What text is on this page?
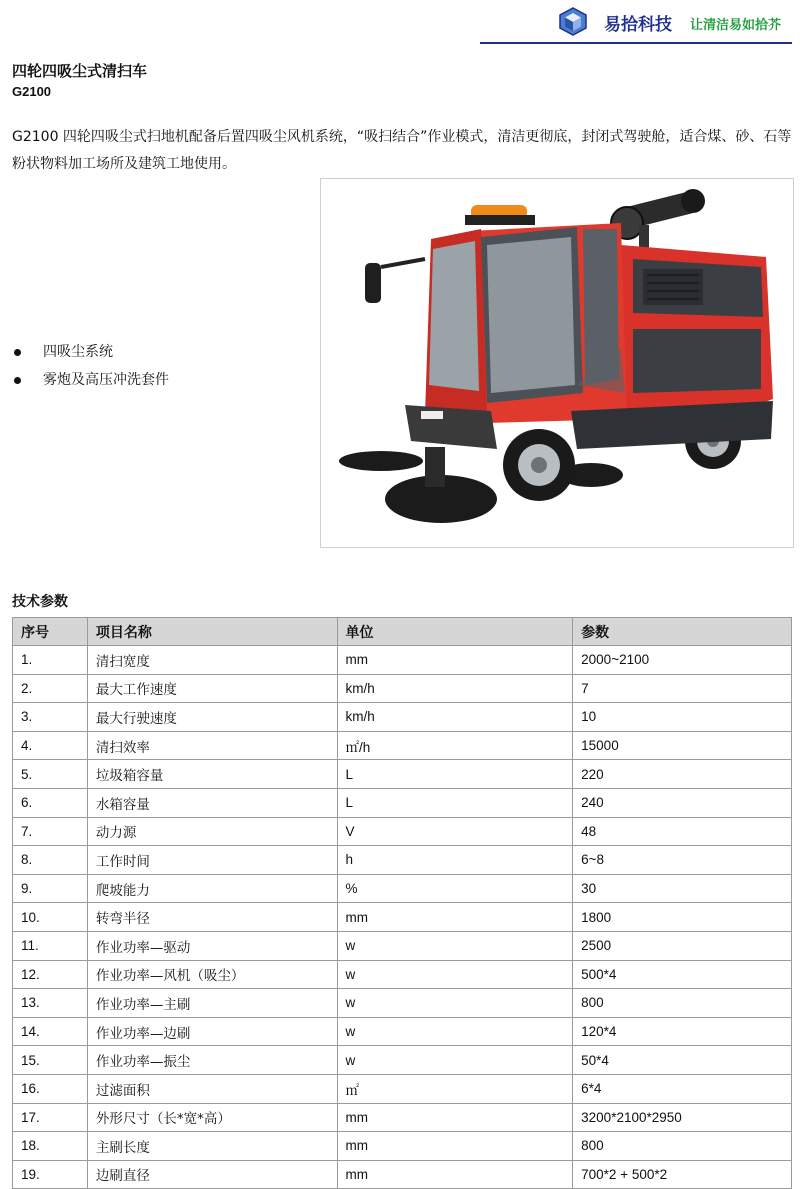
易拾科技 让清洁易如拾芥
四轮四吸尘式清扫车
G2100
G2100 四轮四吸尘式扫地机配备后置四吸尘风机系统，“吸扫结合”作业模式，清洁更彻底，封闭式驾驶舱，适合煤、砂、石等粉状物料加工场所及建筑工地使用。
四吸尘系统
雾炮及高压冲洗套件
技术参数
序号	项目名称	单位	参数
1.	清扫宽度	mm	2000~2100
2.	最大工作速度	km/h	7
3.	最大行驶速度	km/h	10
4.	清扫效率	㎡/h	15000
5.	垃圾箱容量	L	220
6.	水箱容量	L	240
7.	动力源	V	48
8.	工作时间	h	6~8
9.	爬坡能力	%	30
10.	转弯半径	mm	1800
11.	作业功率—驱动	w	2500
12.	作业功率—风机（吸尘）	w	500*4
13.	作业功率—主刷	w	800
14.	作业功率—边刷	w	120*4
15.	作业功率—振尘	w	50*4
16.	过滤面积	㎡	6*4
17.	外形尺寸（长*宽*高）	mm	3200*2100*2950
18.	主刷长度	mm	800
19.	边刷直径	mm	700*2 + 500*2
